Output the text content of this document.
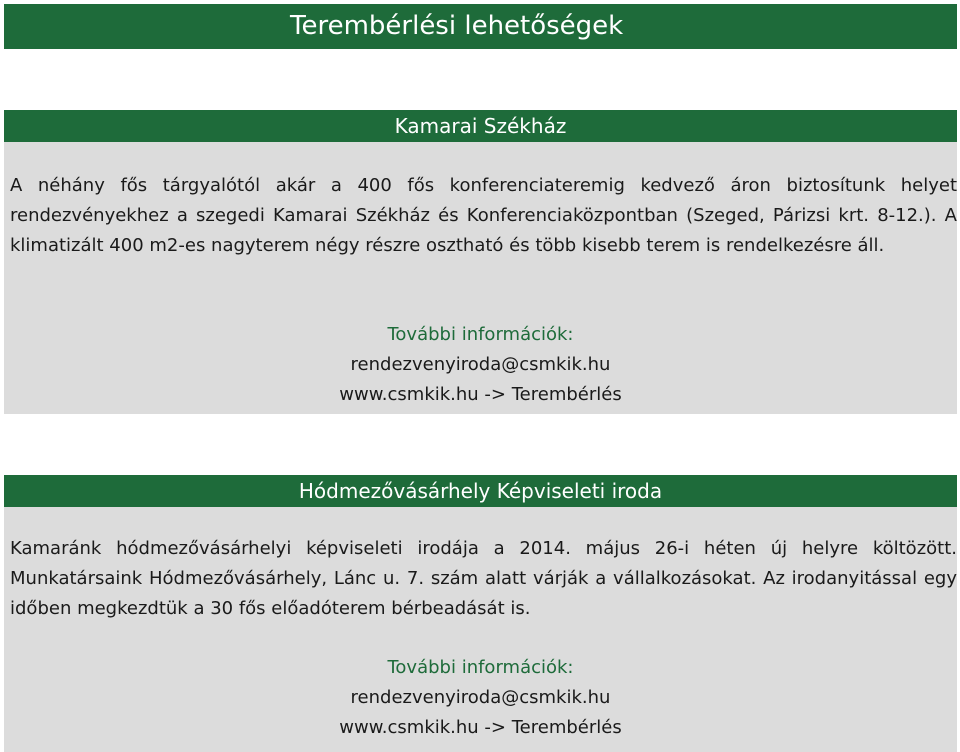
Terembérlési lehetőségek
Kamarai Székház
A néhány fős tárgyalótól akár a 400 fős konferenciateremig kedvező áron biztosítunk helyet rendezvényekhez a szegedi Kamarai Székház és Konferenciaközpontban (Szeged, Párizsi krt. 8-12.). A klimatizált 400 m2-es nagyterem négy részre osztható és több kisebb terem is rendelkezésre áll.
További információk:
rendezvenyiroda@csmkik.hu
www.csmkik.hu -> Terembérlés
Hódmezővásárhely Képviseleti iroda
Kamaránk hódmezővásárhelyi képviseleti irodája a 2014. május 26-i héten új helyre költözött. Munkatársaink Hódmezővásárhely, Lánc u. 7. szám alatt várják a vállalkozásokat. Az irodanyitással egy időben megkezdtük a 30 fős előadóterem bérbeadását is.
További információk:
rendezvenyiroda@csmkik.hu
www.csmkik.hu -> Terembérlés
